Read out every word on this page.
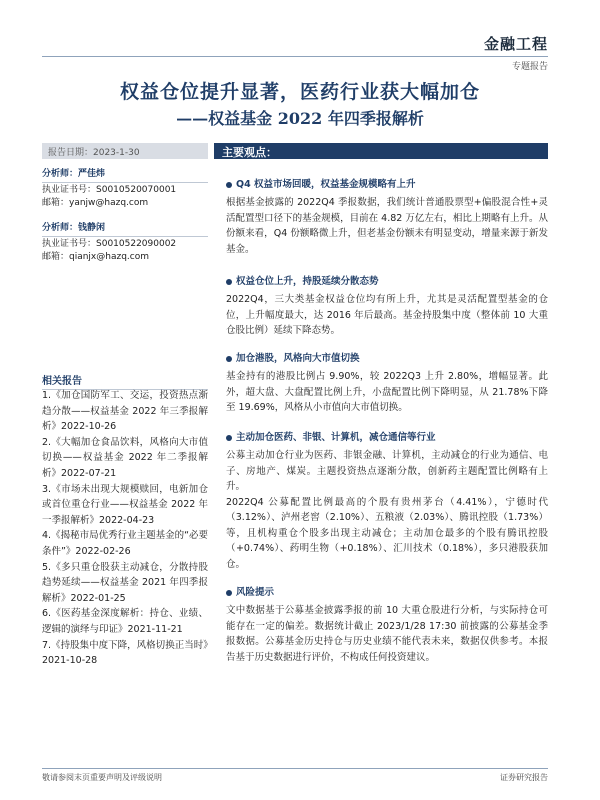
金融工程
专题报告
权益仓位提升显著，医药行业获大幅加仓
——权益基金 2022 年四季报解析
报告日期：2023-1-30	主要观点：
分析师：严佳炜
执业证书号：S0010520070001
邮箱：yanjw@hazq.com
分析师：钱静闲
执业证书号：S0010522090002
邮箱：qianjx@hazq.com
相关报告
1.《加仓国防军工、交运，投资热点渐趋分散——权益基金 2022 年三季报解析》2022-10-26
2.《大幅加仓食品饮料，风格向大市值切换——权益基金 2022 年二季报解析》2022-07-21
3.《市场未出现大规模赎回，电新加仓或首位重仓行业——权益基金 2022 年一季报解析》2022-04-23
4.《揭秘市局优秀行业主题基金的“必要条件”》2022-02-26
5.《多只重仓股获主动减仓，分散持股趋势延续——权益基金 2021 年四季报解析》2022-01-25
6.《医药基金深度解析：持仓、业绩、逻辑的演绎与印证》2021-11-21
7.《持股集中度下降，风格切换正当时》2021-10-28
Q4 权益市场回暖，权益基金规模略有上升
根据基金披露的 2022Q4 季报数据，我们统计普通股票型+偏股混合性+灵活配置型口径下的基金规模，目前在 4.82 万亿左右，相比上期略有上升。从份额来看，Q4 份额略微上升，但老基金份额未有明显变动，增量来源于新发基金。
权益仓位上升，持股延续分散态势
2022Q4，三大类基金权益仓位均有所上升，尤其是灵活配置型基金的仓位，上升幅度最大，达 2016 年后最高。基金持股集中度（整体前 10 大重仓股比例）延续下降态势。
加仓港股，风格向大市值切换
基金持有的港股比例占 9.90%，较 2022Q3 上升 2.80%，增幅显著。此外，超大盘、大盘配置比例上升，小盘配置比例下降明显，从 21.78%下降至 19.69%，风格从小市值向大市值切换。
主动加仓医药、非银、计算机，减仓通信等行业
公募主动加仓行业为医药、非银金融、计算机，主动减仓的行业为通信、电子、房地产、煤炭。主题投资热点逐渐分散，创新药主题配置比例略有上升。
2022Q4 公募配置比例最高的个股有贵州茅台（4.41%），宁德时代（3.12%）、泸州老窖（2.10%）、五粮液（2.03%）、腾讯控股（1.73%）等，且机构重仓个股多出现主动减仓；主动加仓最多的个股有腾讯控股（+0.74%）、药明生物（+0.18%）、汇川技术（0.18%），多只港股获加仓。
风险提示
文中数据基于公募基金披露季报的前 10 大重仓股进行分析，与实际持仓可能存在一定的偏差。数据统计截止 2023/1/28 17:30 前披露的公募基金季报数据。公募基金历史持仓与历史业绩不能代表未来，数据仅供参考。本报告基于历史数据进行评价，不构成任何投资建议。
敬请参阅末页重要声明及评级说明	证券研究报告
